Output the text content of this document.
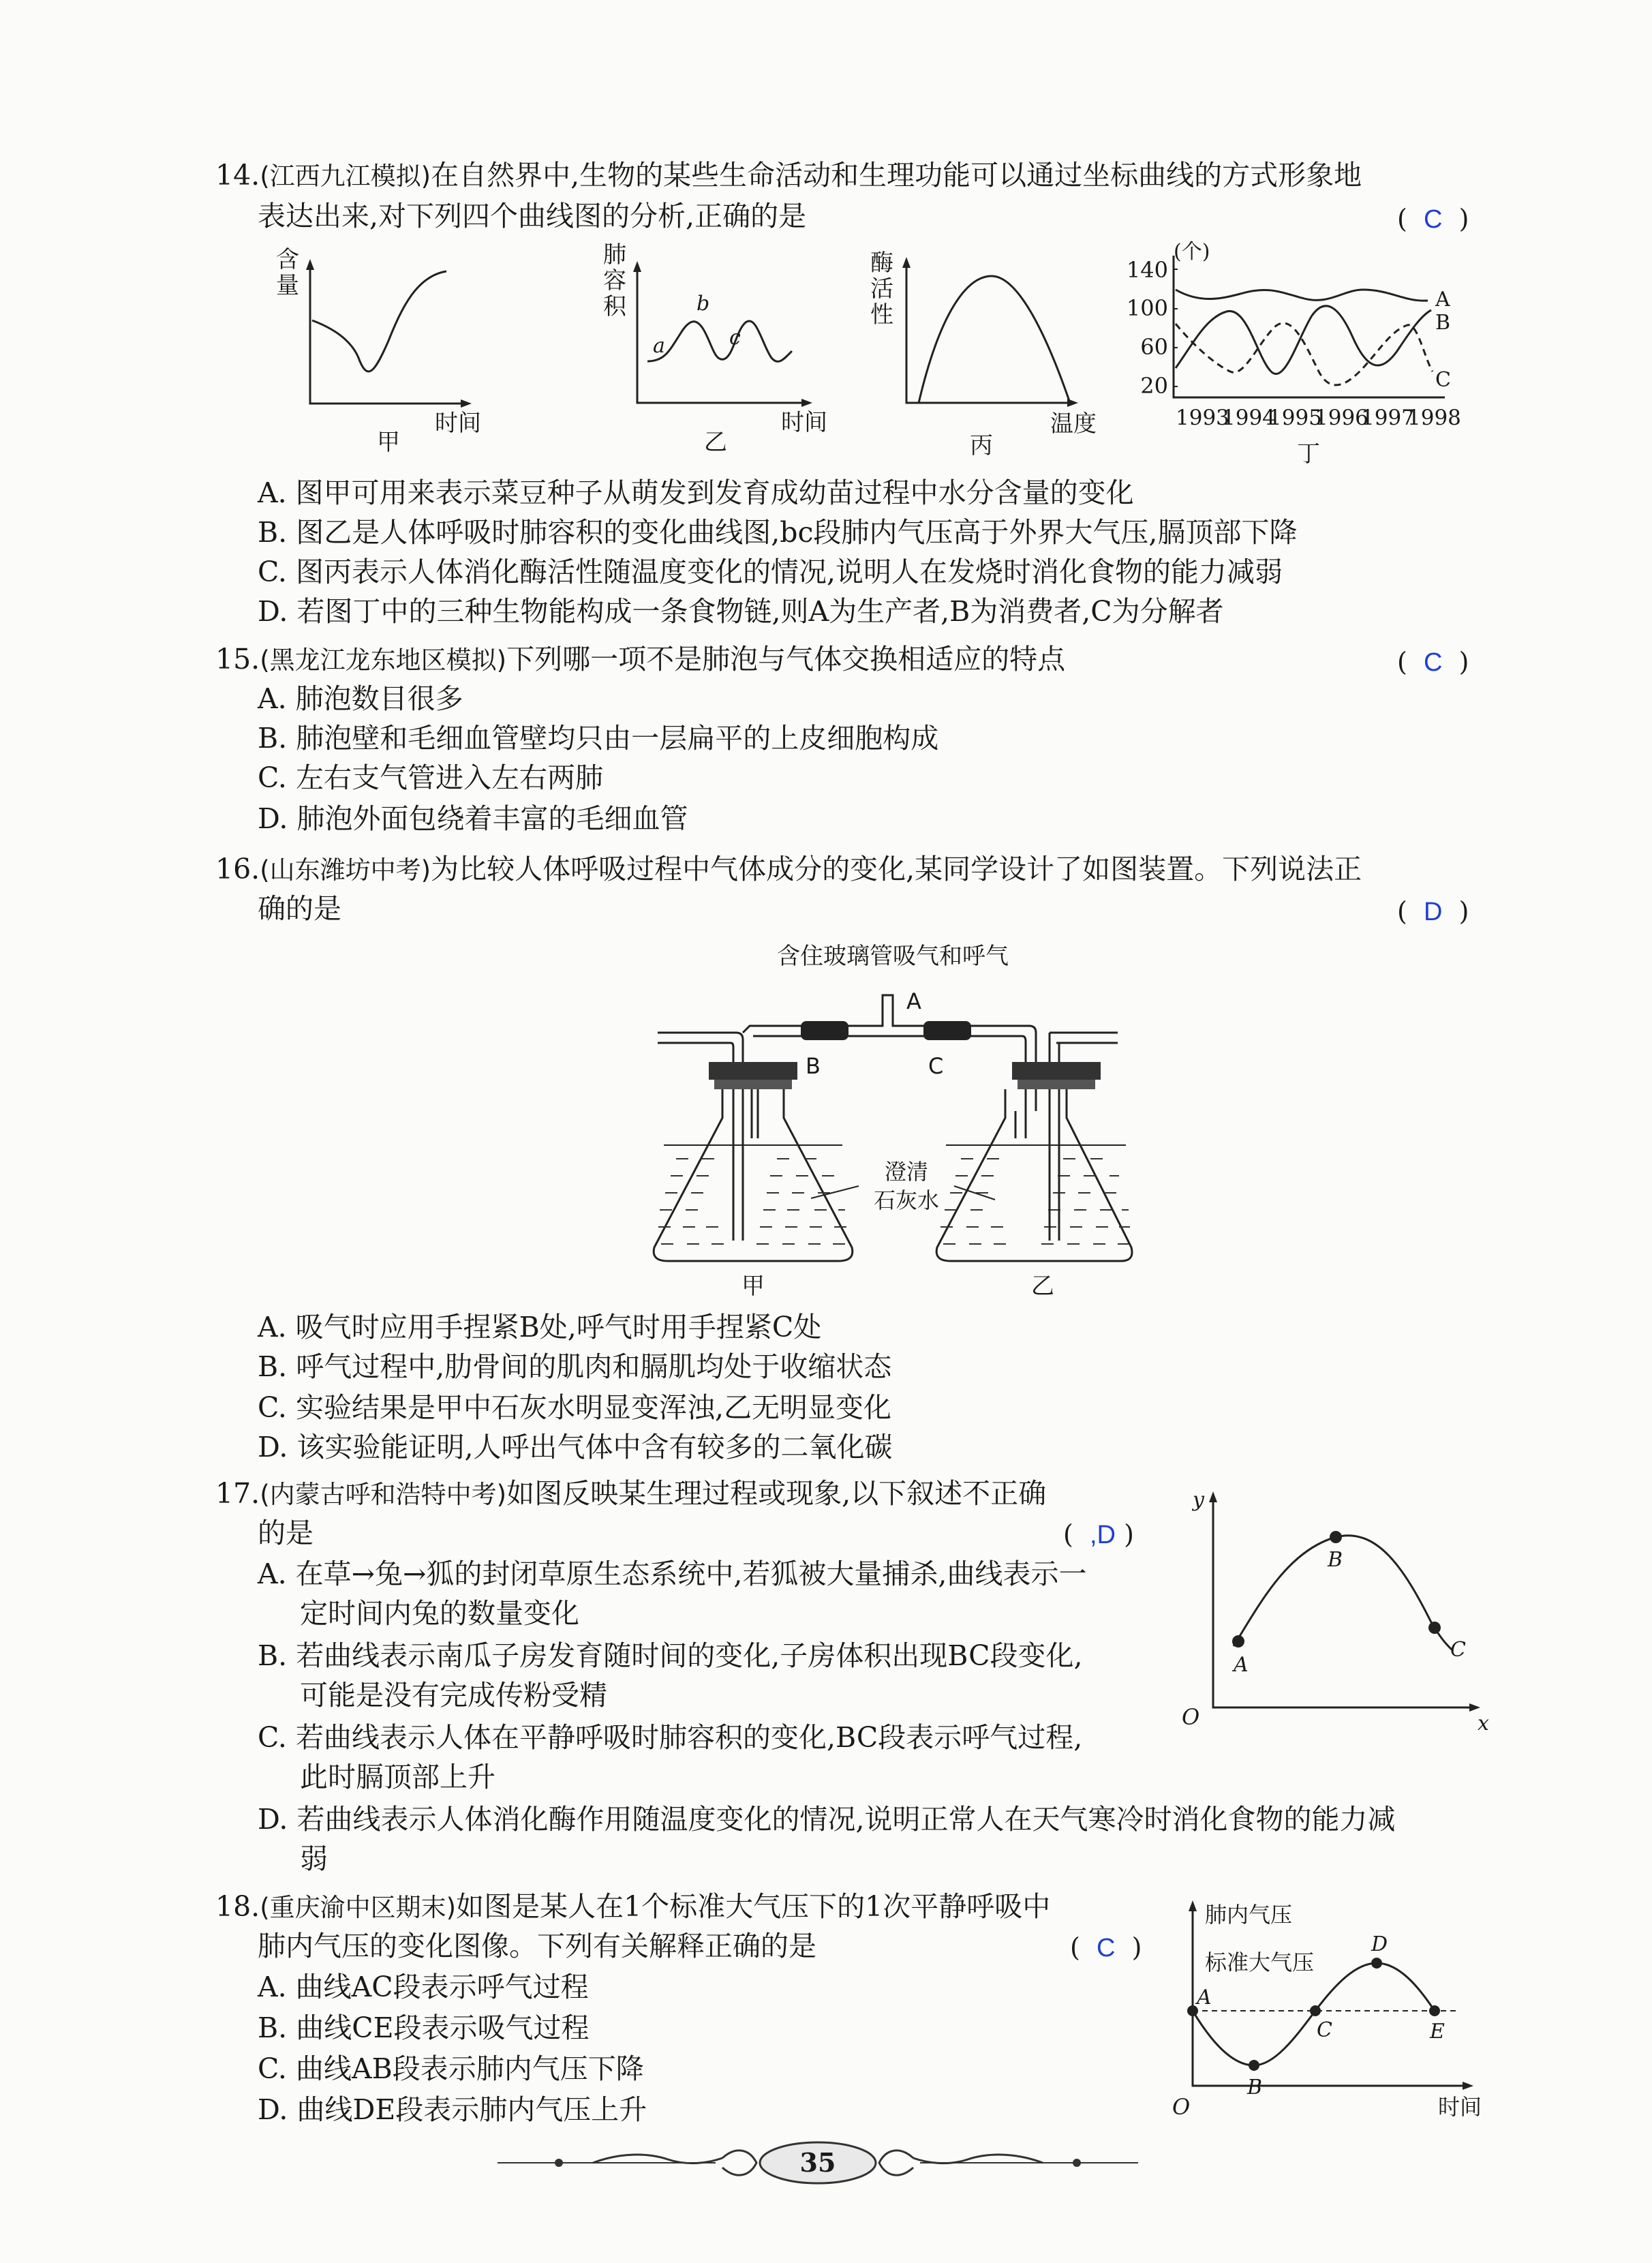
14.(江西九江模拟)在自然界中,生物的某些生命活动和生理功能可以通过坐标曲线的方式形象地
表达出来,对下列四个曲线图的分析,正确的是	(  C  )
含
量
时间
甲
肺
容
积
a
b
c
时间
乙
酶
活
性
温度
丙
(个)
140
100
60
20
A
B
C
1993
1994
1995
1996
1997
1998
丁
A. 图甲可用来表示菜豆种子从萌发到发育成幼苗过程中水分含量的变化
B. 图乙是人体呼吸时肺容积的变化曲线图,bc段肺内气压高于外界大气压,膈顶部下降
C. 图丙表示人体消化酶活性随温度变化的情况,说明人在发烧时消化食物的能力减弱
D. 若图丁中的三种生物能构成一条食物链,则A为生产者,B为消费者,C为分解者
15.(黑龙江龙东地区模拟)下列哪一项不是肺泡与气体交换相适应的特点	(  C  )
A. 肺泡数目很多
B. 肺泡壁和毛细血管壁均只由一层扁平的上皮细胞构成
C. 左右支气管进入左右两肺
D. 肺泡外面包绕着丰富的毛细血管
16.(山东潍坊中考)为比较人体呼吸过程中气体成分的变化,某同学设计了如图装置。下列说法正
确的是	(  D  )
含住玻璃管吸气和呼气
A
B	C
澄清
石灰水
甲	乙
A. 吸气时应用手捏紧B处,呼气时用手捏紧C处
B. 呼气过程中,肋骨间的肌肉和膈肌均处于收缩状态
C. 实验结果是甲中石灰水明显变浑浊,乙无明显变化
D. 该实验能证明,人呼出气体中含有较多的二氧化碳
17.(内蒙古呼和浩特中考)如图反映某生理过程或现象,以下叙述不正确
的是	(  ,D )
A. 在草→兔→狐的封闭草原生态系统中,若狐被大量捕杀,曲线表示一
定时间内兔的数量变化
B. 若曲线表示南瓜子房发育随时间的变化,子房体积出现BC段变化,
可能是没有完成传粉受精
C. 若曲线表示人体在平静呼吸时肺容积的变化,BC段表示呼气过程,
此时膈顶部上升
D. 若曲线表示人体消化酶作用随温度变化的情况,说明正常人在天气寒冷时消化食物的能力减
弱
y
x
O
A
B
C
18.(重庆渝中区期末)如图是某人在1个标准大气压下的1次平静呼吸中
肺内气压的变化图像。下列有关解释正确的是	(  C  )
A. 曲线AC段表示呼气过程
B. 曲线CE段表示吸气过程
C. 曲线AB段表示肺内气压下降
D. 曲线DE段表示肺内气压上升
肺内气压
标准大气压
A
B
C
D
E
O	时间
35
